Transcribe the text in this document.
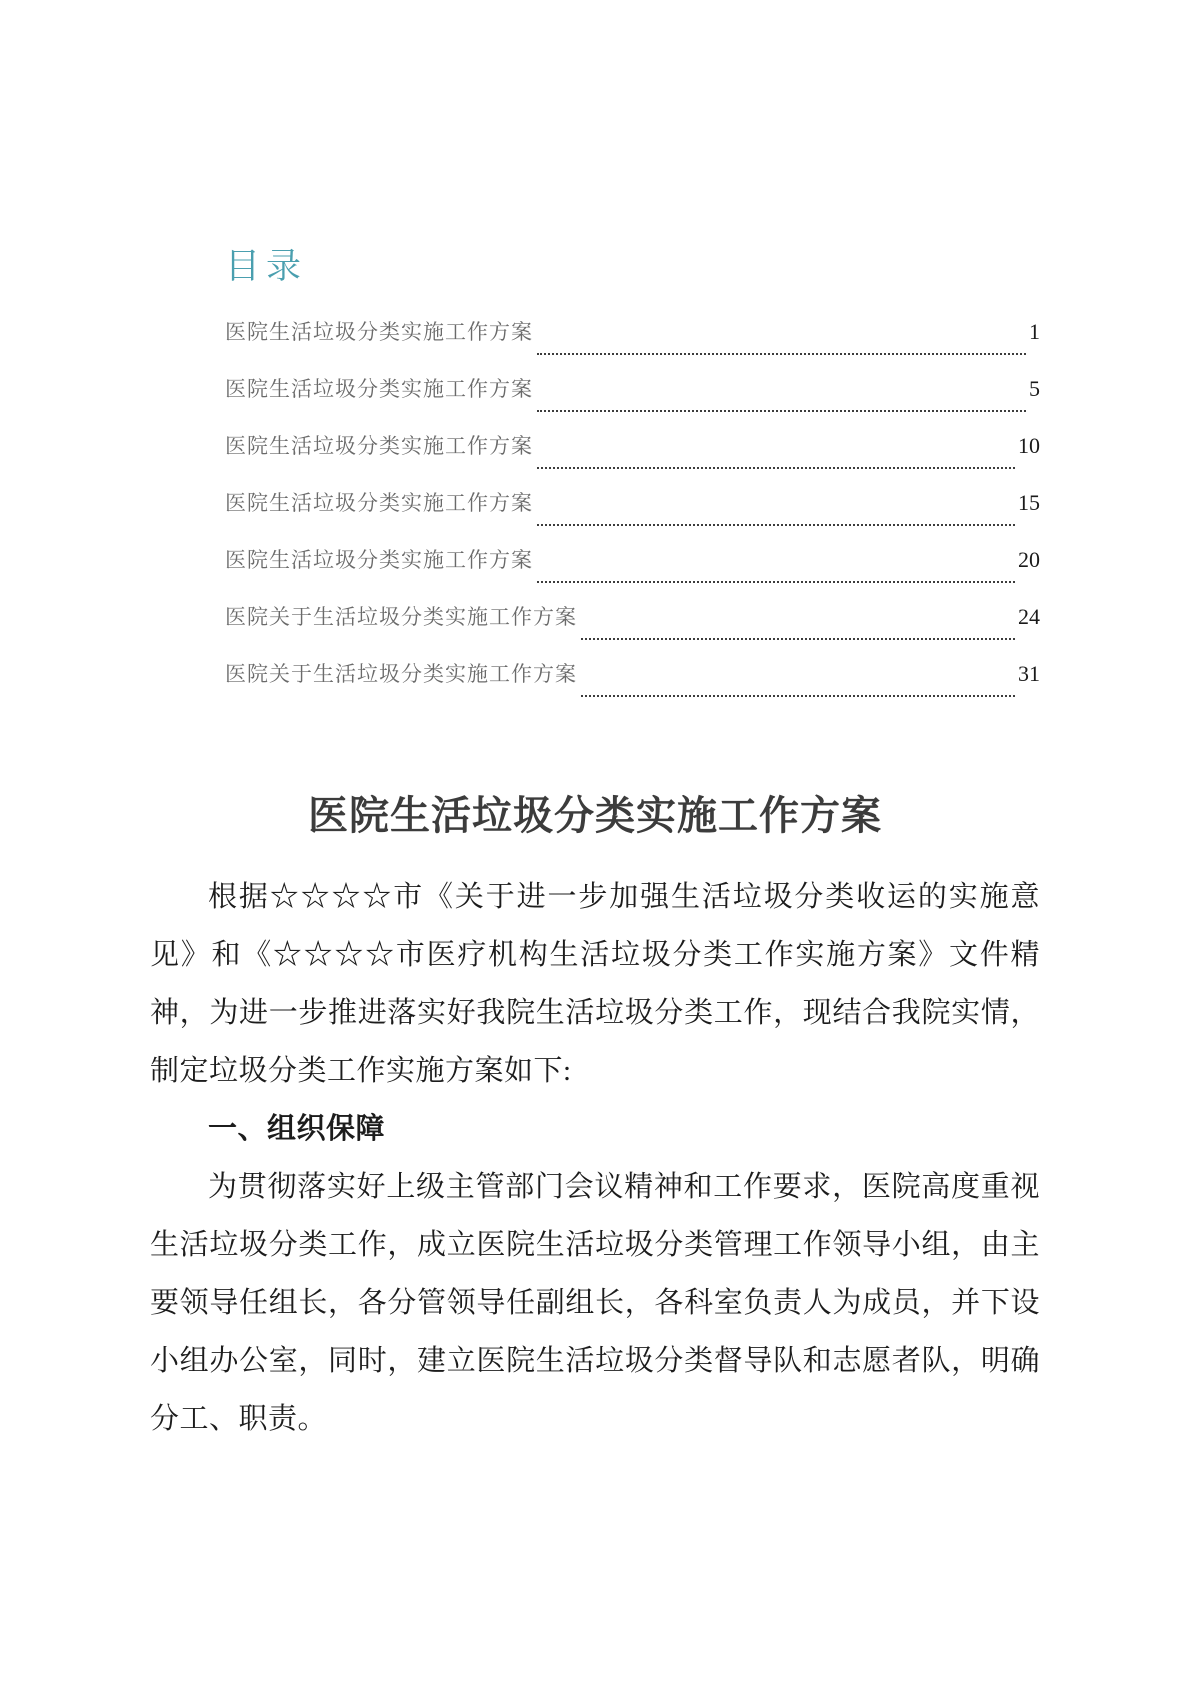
目录
医院生活垃圾分类实施工作方案	1
医院生活垃圾分类实施工作方案	5
医院生活垃圾分类实施工作方案	10
医院生活垃圾分类实施工作方案	15
医院生活垃圾分类实施工作方案	20
医院关于生活垃圾分类实施工作方案	24
医院关于生活垃圾分类实施工作方案	31
医院生活垃圾分类实施工作方案

根据☆☆☆☆市《关于进一步加强生活垃圾分类收运的实施意见》和《☆☆☆☆市医疗机构生活垃圾分类工作实施方案》文件精神，为进一步推进落实好我院生活垃圾分类工作，现结合我院实情，制定垃圾分类工作实施方案如下:

一、组织保障

为贯彻落实好上级主管部门会议精神和工作要求，医院高度重视生活垃圾分类工作，成立医院生活垃圾分类管理工作领导小组，由主要领导任组长，各分管领导任副组长，各科室负责人为成员，并下设小组办公室，同时，建立医院生活垃圾分类督导队和志愿者队，明确分工、职责。
